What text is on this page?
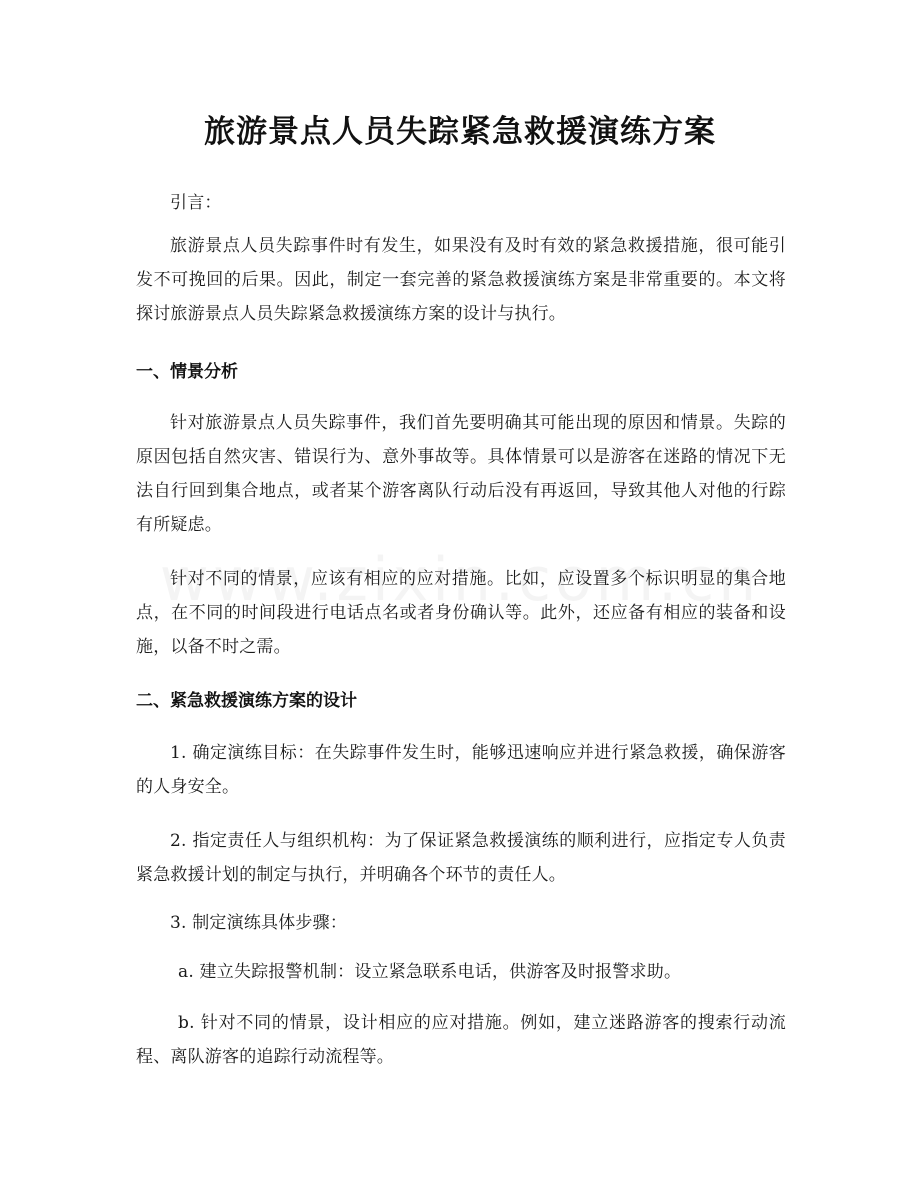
旅游景点人员失踪紧急救援演练方案
引言：
旅游景点人员失踪事件时有发生，如果没有及时有效的紧急救援措施，很可能引发不可挽回的后果。因此，制定一套完善的紧急救援演练方案是非常重要的。本文将探讨旅游景点人员失踪紧急救援演练方案的设计与执行。
一、情景分析
针对旅游景点人员失踪事件，我们首先要明确其可能出现的原因和情景。失踪的原因包括自然灾害、错误行为、意外事故等。具体情景可以是游客在迷路的情况下无法自行回到集合地点，或者某个游客离队行动后没有再返回，导致其他人对他的行踪有所疑虑。
针对不同的情景，应该有相应的应对措施。比如，应设置多个标识明显的集合地点，在不同的时间段进行电话点名或者身份确认等。此外，还应备有相应的装备和设施，以备不时之需。
二、紧急救援演练方案的设计
1. 确定演练目标：在失踪事件发生时，能够迅速响应并进行紧急救援，确保游客的人身安全。
2. 指定责任人与组织机构：为了保证紧急救援演练的顺利进行，应指定专人负责紧急救援计划的制定与执行，并明确各个环节的责任人。
3. 制定演练具体步骤：
a. 建立失踪报警机制：设立紧急联系电话，供游客及时报警求助。
b. 针对不同的情景，设计相应的应对措施。例如，建立迷路游客的搜索行动流程、离队游客的追踪行动流程等。
